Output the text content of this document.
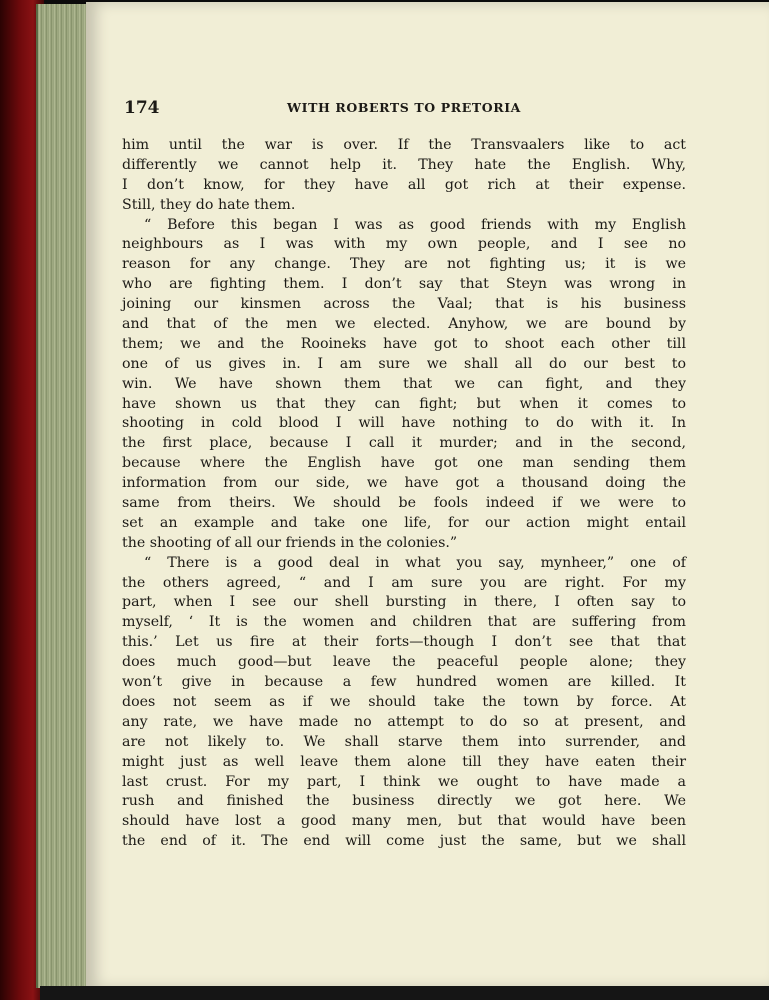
174	WITH ROBERTS TO PRETORIA
him until the war is over. If the Transvaalers like to act
differently we cannot help it. They hate the English. Why,
I don’t know, for they have all got rich at their expense.
Still, they do hate them.
“ Before this began I was as good friends with my English
neighbours as I was with my own people, and I see no
reason for any change. They are not fighting us; it is we
who are fighting them. I don’t say that Steyn was wrong in
joining our kinsmen across the Vaal; that is his business
and that of the men we elected. Anyhow, we are bound by
them; we and the Rooineks have got to shoot each other till
one of us gives in. I am sure we shall all do our best to
win. We have shown them that we can fight, and they
have shown us that they can fight; but when it comes to
shooting in cold blood I will have nothing to do with it. In
the first place, because I call it murder; and in the second,
because where the English have got one man sending them
information from our side, we have got a thousand doing the
same from theirs. We should be fools indeed if we were to
set an example and take one life, for our action might entail
the shooting of all our friends in the colonies.”
“ There is a good deal in what you say, mynheer,” one of
the others agreed, “ and I am sure you are right. For my
part, when I see our shell bursting in there, I often say to
myself, ‘ It is the women and children that are suffering from
this.’ Let us fire at their forts—though I don’t see that that
does much good—but leave the peaceful people alone; they
won’t give in because a few hundred women are killed. It
does not seem as if we should take the town by force. At
any rate, we have made no attempt to do so at present, and
are not likely to. We shall starve them into surrender, and
might just as well leave them alone till they have eaten their
last crust. For my part, I think we ought to have made a
rush and finished the business directly we got here. We
should have lost a good many men, but that would have been
the end of it. The end will come just the same, but we shall
